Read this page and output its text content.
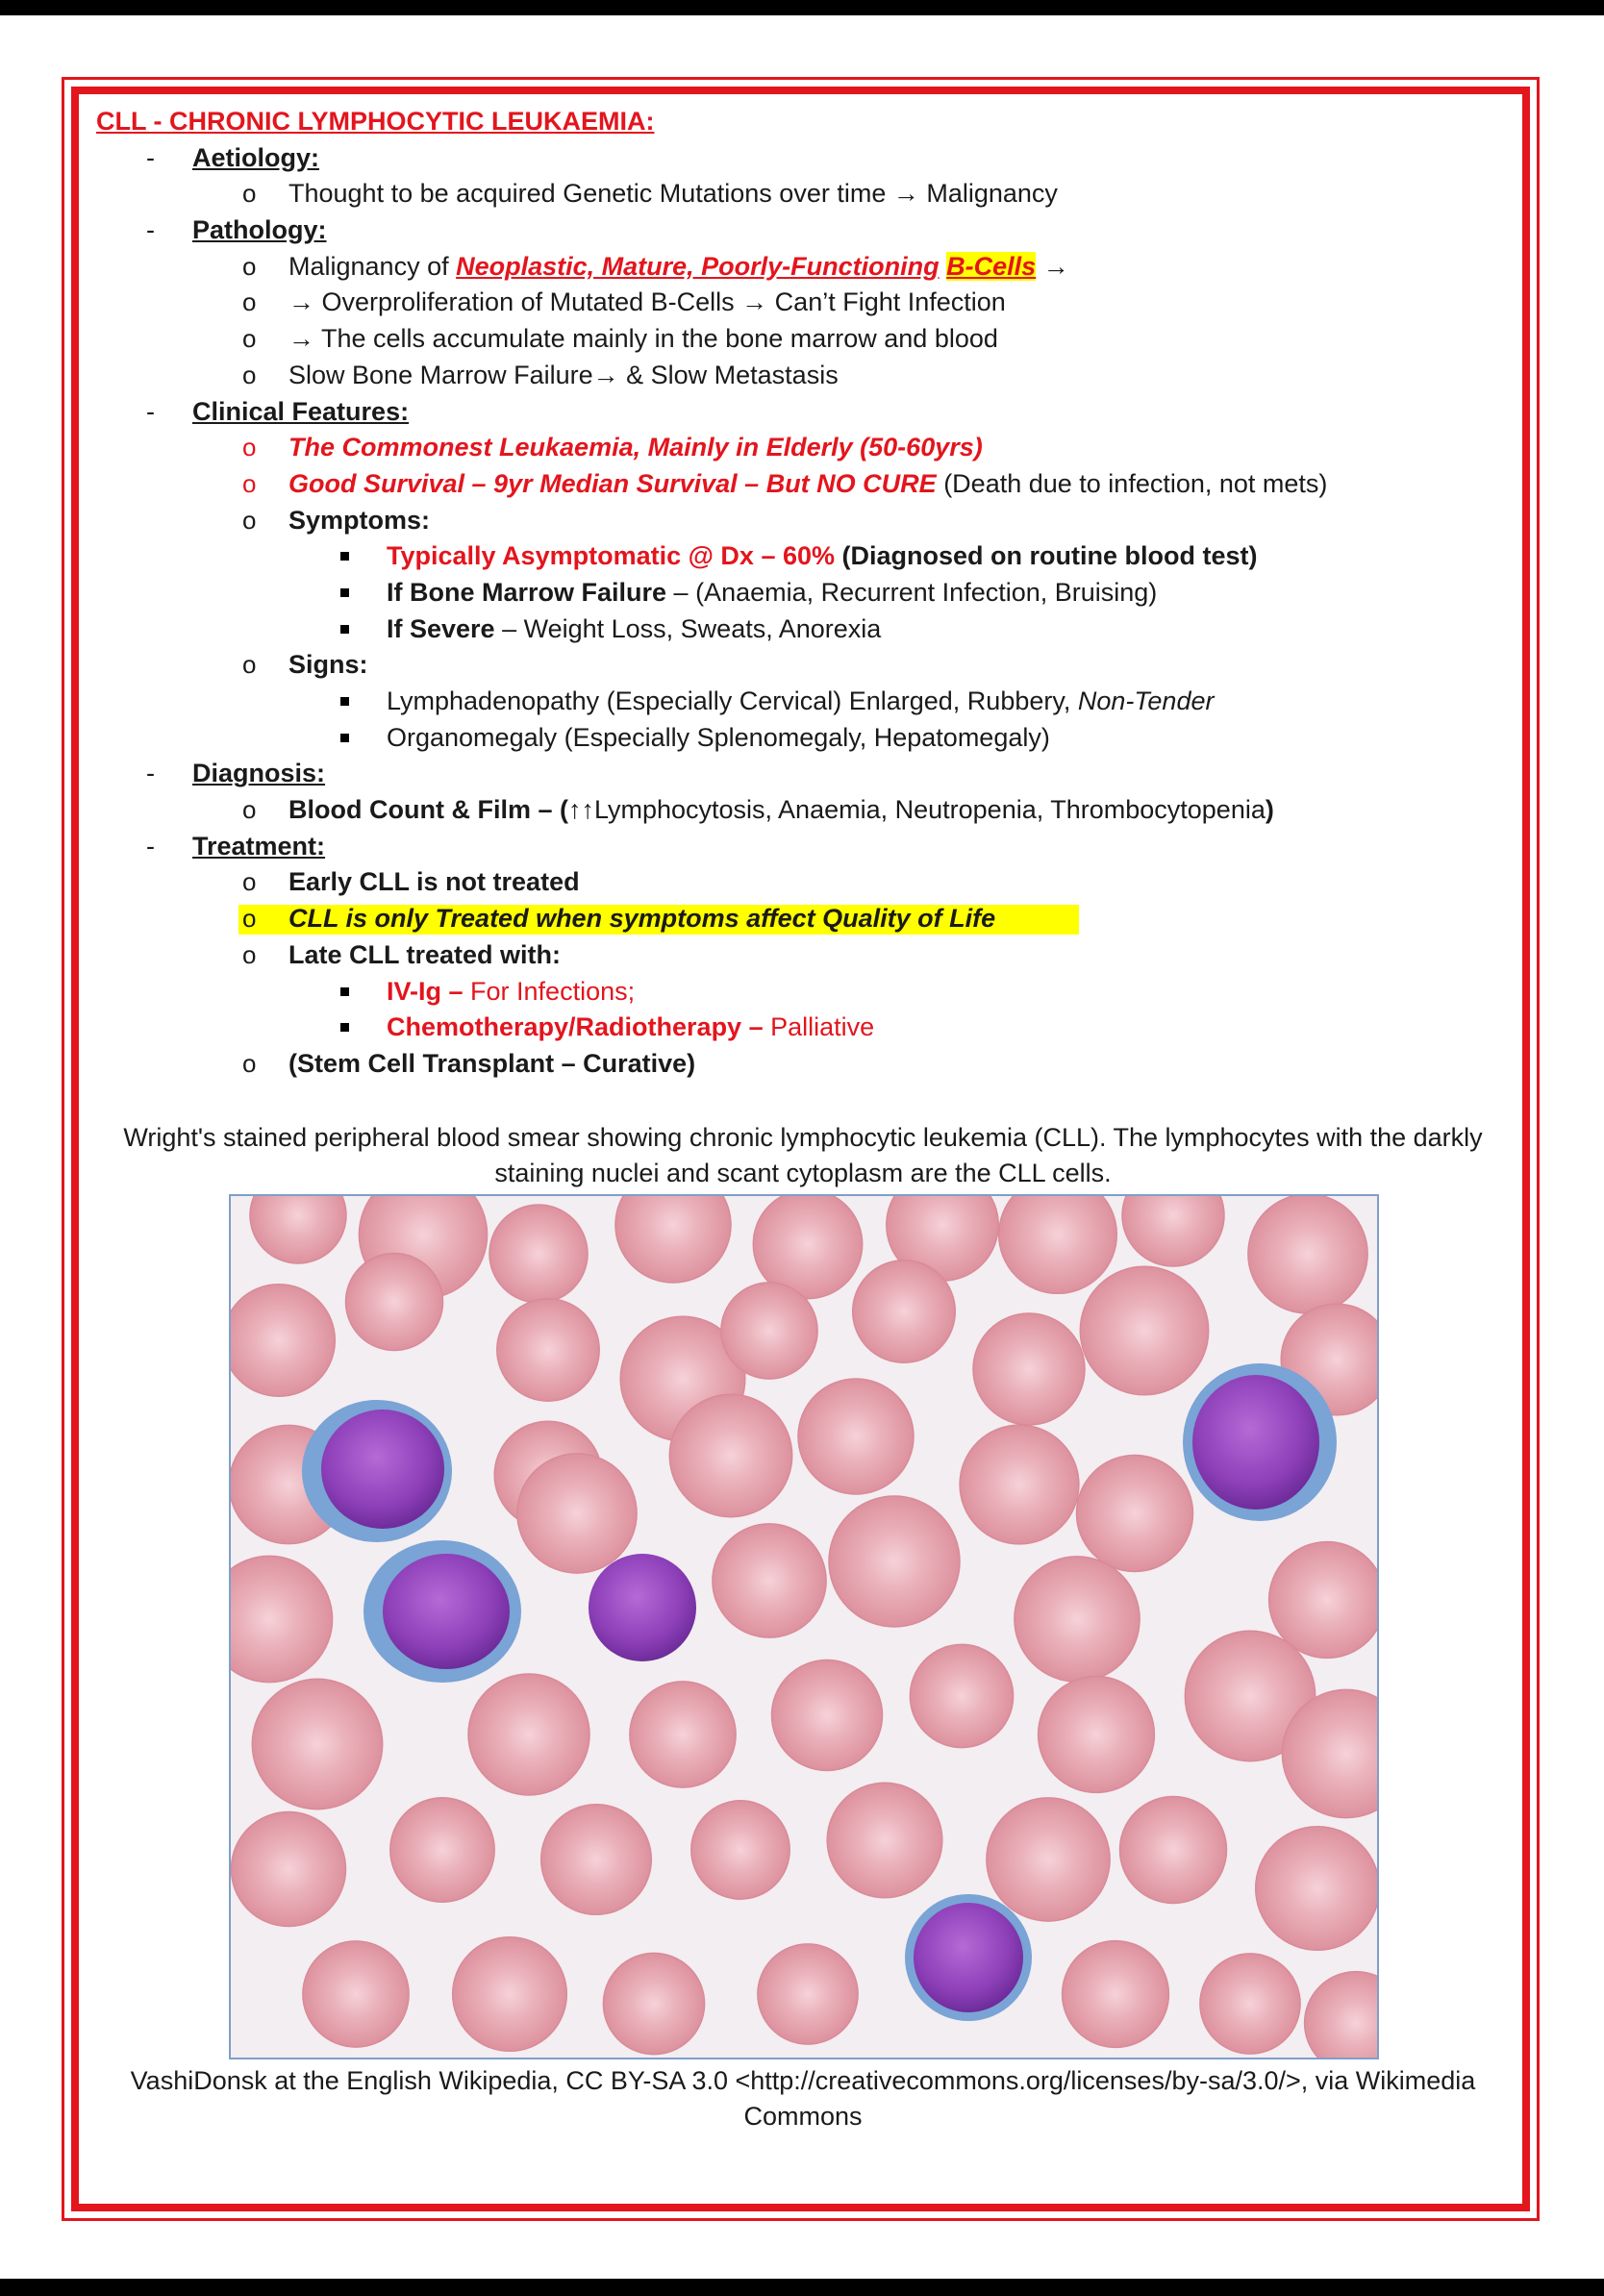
CLL - CHRONIC LYMPHOCYTIC LEUKAEMIA:
- Aetiology:
o Thought to be acquired Genetic Mutations over time → Malignancy
- Pathology:
o Malignancy of Neoplastic, Mature, Poorly-Functioning B-Cells →
o → Overproliferation of Mutated B-Cells → Can’t Fight Infection
o → The cells accumulate mainly in the bone marrow and blood
o Slow Bone Marrow Failure→ & Slow Metastasis
- Clinical Features:
o The Commonest Leukaemia, Mainly in Elderly (50-60yrs)
o Good Survival – 9yr Median Survival – But NO CURE (Death due to infection, not mets)
o Symptoms:
Typically Asymptomatic @ Dx – 60% (Diagnosed on routine blood test)
If Bone Marrow Failure – (Anaemia, Recurrent Infection, Bruising)
If Severe – Weight Loss, Sweats, Anorexia
o Signs:
Lymphadenopathy (Especially Cervical) Enlarged, Rubbery, Non-Tender
Organomegaly (Especially Splenomegaly, Hepatomegaly)
- Diagnosis:
o Blood Count & Film – (↑↑Lymphocytosis, Anaemia, Neutropenia, Thrombocytopenia)
- Treatment:
o Early CLL is not treated
o CLL is only Treated when symptoms affect Quality of Life
o Late CLL treated with:
IV-Ig – For Infections;
Chemotherapy/Radiotherapy – Palliative
o (Stem Cell Transplant – Curative)
Wright's stained peripheral blood smear showing chronic lymphocytic leukemia (CLL). The lymphocytes with the darkly staining nuclei and scant cytoplasm are the CLL cells.
VashiDonsk at the English Wikipedia, CC BY-SA 3.0 <http://creativecommons.org/licenses/by-sa/3.0/>, via Wikimedia Commons
